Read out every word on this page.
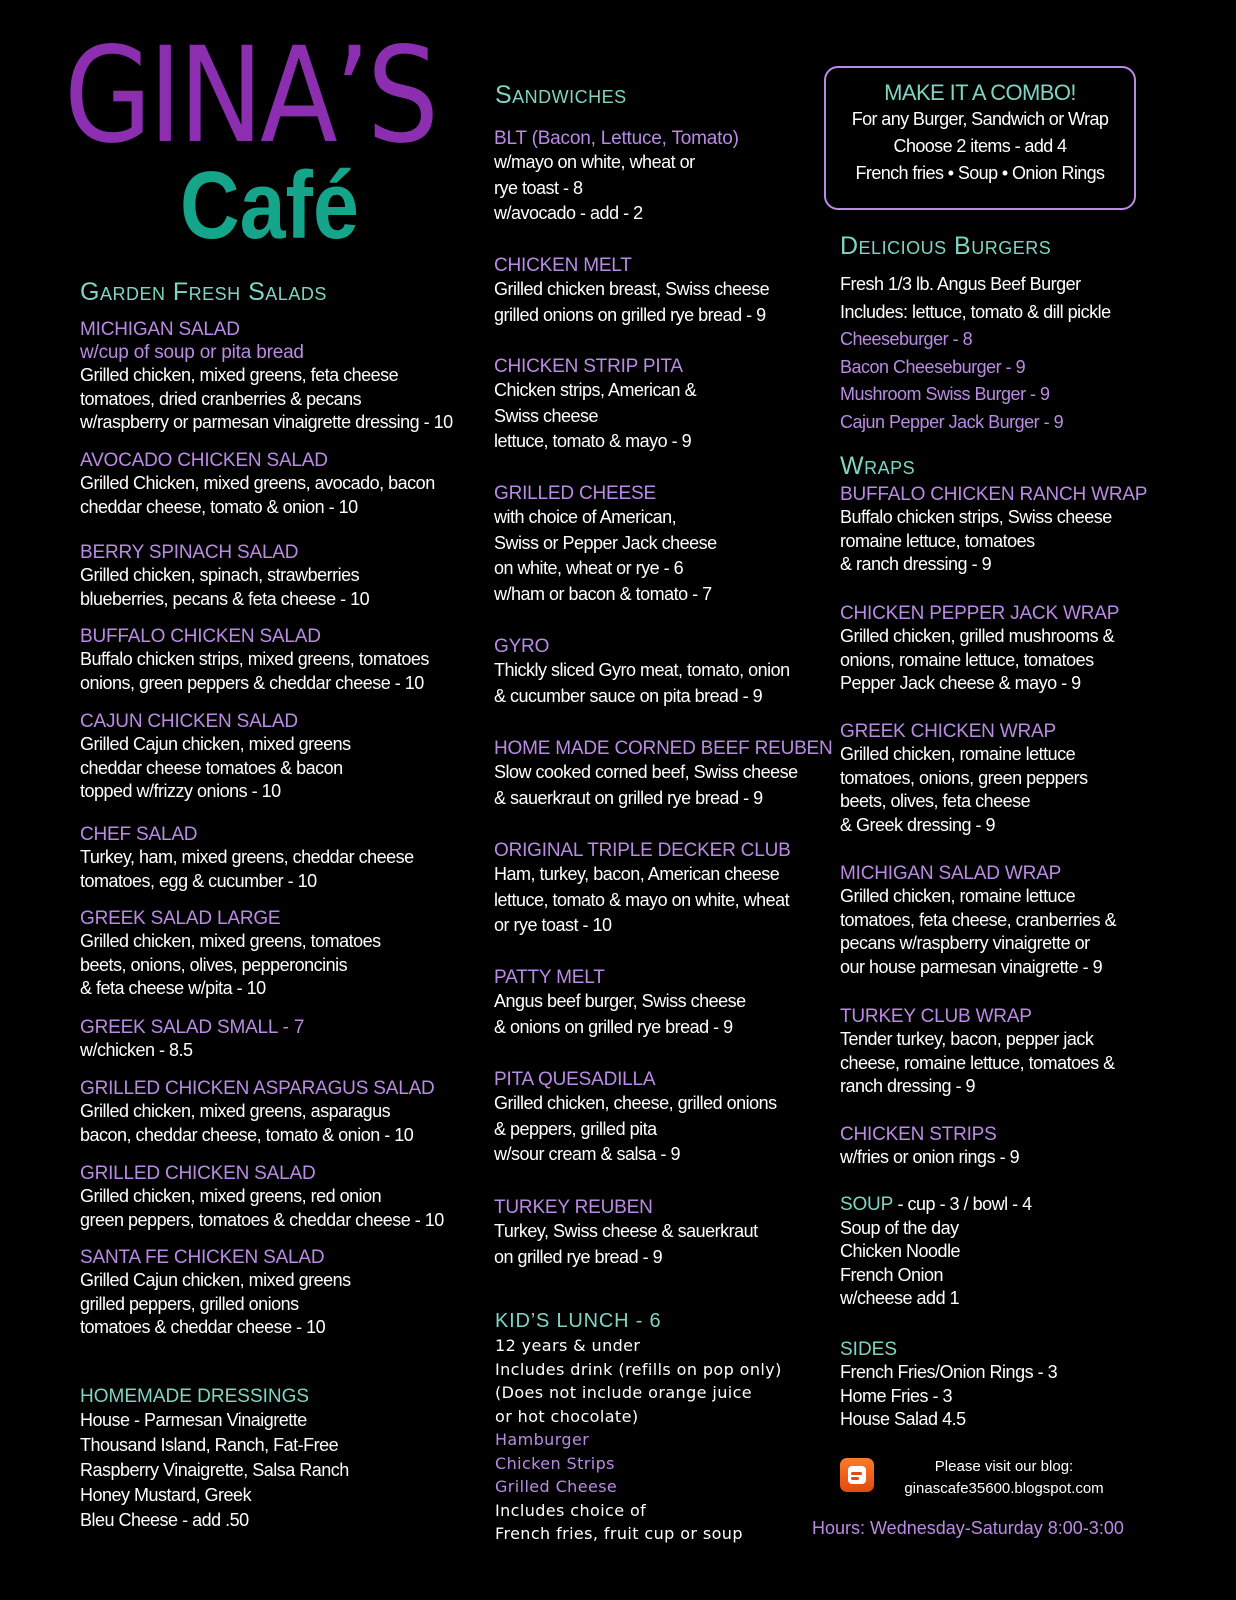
GINA’S
Café
Garden Fresh Salads
MICHIGAN SALAD
w/cup of soup or pita bread
Grilled chicken, mixed greens, feta cheese
tomatoes, dried cranberries & pecans
w/raspberry or parmesan vinaigrette dressing - 10
AVOCADO CHICKEN SALAD
Grilled Chicken, mixed greens, avocado, bacon
cheddar cheese, tomato & onion - 10
BERRY SPINACH SALAD
Grilled chicken, spinach, strawberries
blueberries, pecans & feta cheese - 10
BUFFALO CHICKEN SALAD
Buffalo chicken strips, mixed greens, tomatoes
onions, green peppers & cheddar cheese - 10
CAJUN CHICKEN SALAD
Grilled Cajun chicken, mixed greens
cheddar cheese tomatoes & bacon
topped w/frizzy onions - 10
CHEF SALAD
Turkey, ham, mixed greens, cheddar cheese
tomatoes, egg & cucumber - 10
GREEK SALAD LARGE
Grilled chicken, mixed greens, tomatoes
beets, onions, olives, pepperoncinis
& feta cheese w/pita - 10
GREEK SALAD SMALL - 7
w/chicken - 8.5
GRILLED CHICKEN ASPARAGUS SALAD
Grilled chicken, mixed greens, asparagus
bacon, cheddar cheese, tomato & onion - 10
GRILLED CHICKEN SALAD
Grilled chicken, mixed greens, red onion
green peppers, tomatoes & cheddar cheese - 10
SANTA FE CHICKEN SALAD
Grilled Cajun chicken, mixed greens
grilled peppers, grilled onions
tomatoes & cheddar cheese - 10
HOMEMADE DRESSINGS
House - Parmesan Vinaigrette
Thousand Island, Ranch, Fat-Free
Raspberry Vinaigrette, Salsa Ranch
Honey Mustard, Greek
Bleu Cheese - add .50
Sandwiches
BLT (Bacon, Lettuce, Tomato)
w/mayo on white, wheat or
rye toast - 8
w/avocado - add - 2
CHICKEN MELT
Grilled chicken breast, Swiss cheese
grilled onions on grilled rye bread - 9
CHICKEN STRIP PITA
Chicken strips, American &
Swiss cheese
lettuce, tomato & mayo - 9
GRILLED CHEESE
with choice of American,
Swiss or Pepper Jack cheese
on white, wheat or rye - 6
w/ham or bacon & tomato - 7
GYRO
Thickly sliced Gyro meat, tomato, onion
& cucumber sauce on pita bread - 9
HOME MADE CORNED BEEF REUBEN
Slow cooked corned beef, Swiss cheese
& sauerkraut on grilled rye bread - 9
ORIGINAL TRIPLE DECKER CLUB
Ham, turkey, bacon, American cheese
lettuce, tomato & mayo on white, wheat
or rye toast - 10
PATTY MELT
Angus beef burger, Swiss cheese
& onions on grilled rye bread - 9
PITA QUESADILLA
Grilled chicken, cheese, grilled onions
& peppers, grilled pita
w/sour cream & salsa - 9
TURKEY REUBEN
Turkey, Swiss cheese & sauerkraut
on grilled rye bread - 9
KID’S LUNCH - 6
12 years & under
Includes drink (refills on pop only)
(Does not include orange juice
or hot chocolate)
Hamburger
Chicken Strips
Grilled Cheese
Includes choice of
French fries, fruit cup or soup
MAKE IT A COMBO!
For any Burger, Sandwich or Wrap
Choose 2 items - add 4
French fries • Soup • Onion Rings
Delicious Burgers
Fresh 1/3 lb. Angus Beef Burger
Includes: lettuce, tomato & dill pickle
Cheeseburger - 8
Bacon Cheeseburger - 9
Mushroom Swiss Burger - 9
Cajun Pepper Jack Burger - 9
Wraps
BUFFALO CHICKEN RANCH WRAP
Buffalo chicken strips, Swiss cheese
romaine lettuce, tomatoes
& ranch dressing - 9
CHICKEN PEPPER JACK WRAP
Grilled chicken, grilled mushrooms &
onions, romaine lettuce, tomatoes
Pepper Jack cheese & mayo - 9
GREEK CHICKEN WRAP
Grilled chicken, romaine lettuce
tomatoes, onions, green peppers
beets, olives, feta cheese
& Greek dressing - 9
MICHIGAN SALAD WRAP
Grilled chicken, romaine lettuce
tomatoes, feta cheese, cranberries &
pecans w/raspberry vinaigrette or
our house parmesan vinaigrette - 9
TURKEY CLUB WRAP
Tender turkey, bacon, pepper jack
cheese, romaine lettuce, tomatoes &
ranch dressing - 9
CHICKEN STRIPS
w/fries or onion rings - 9
SOUP - cup - 3 / bowl - 4
Soup of the day
Chicken Noodle
French Onion
w/cheese add 1
SIDES
French Fries/Onion Rings - 3
Home Fries - 3
House Salad 4.5
Please visit our blog:
ginascafe35600.blogspot.com
Hours: Wednesday-Saturday 8:00-3:00
